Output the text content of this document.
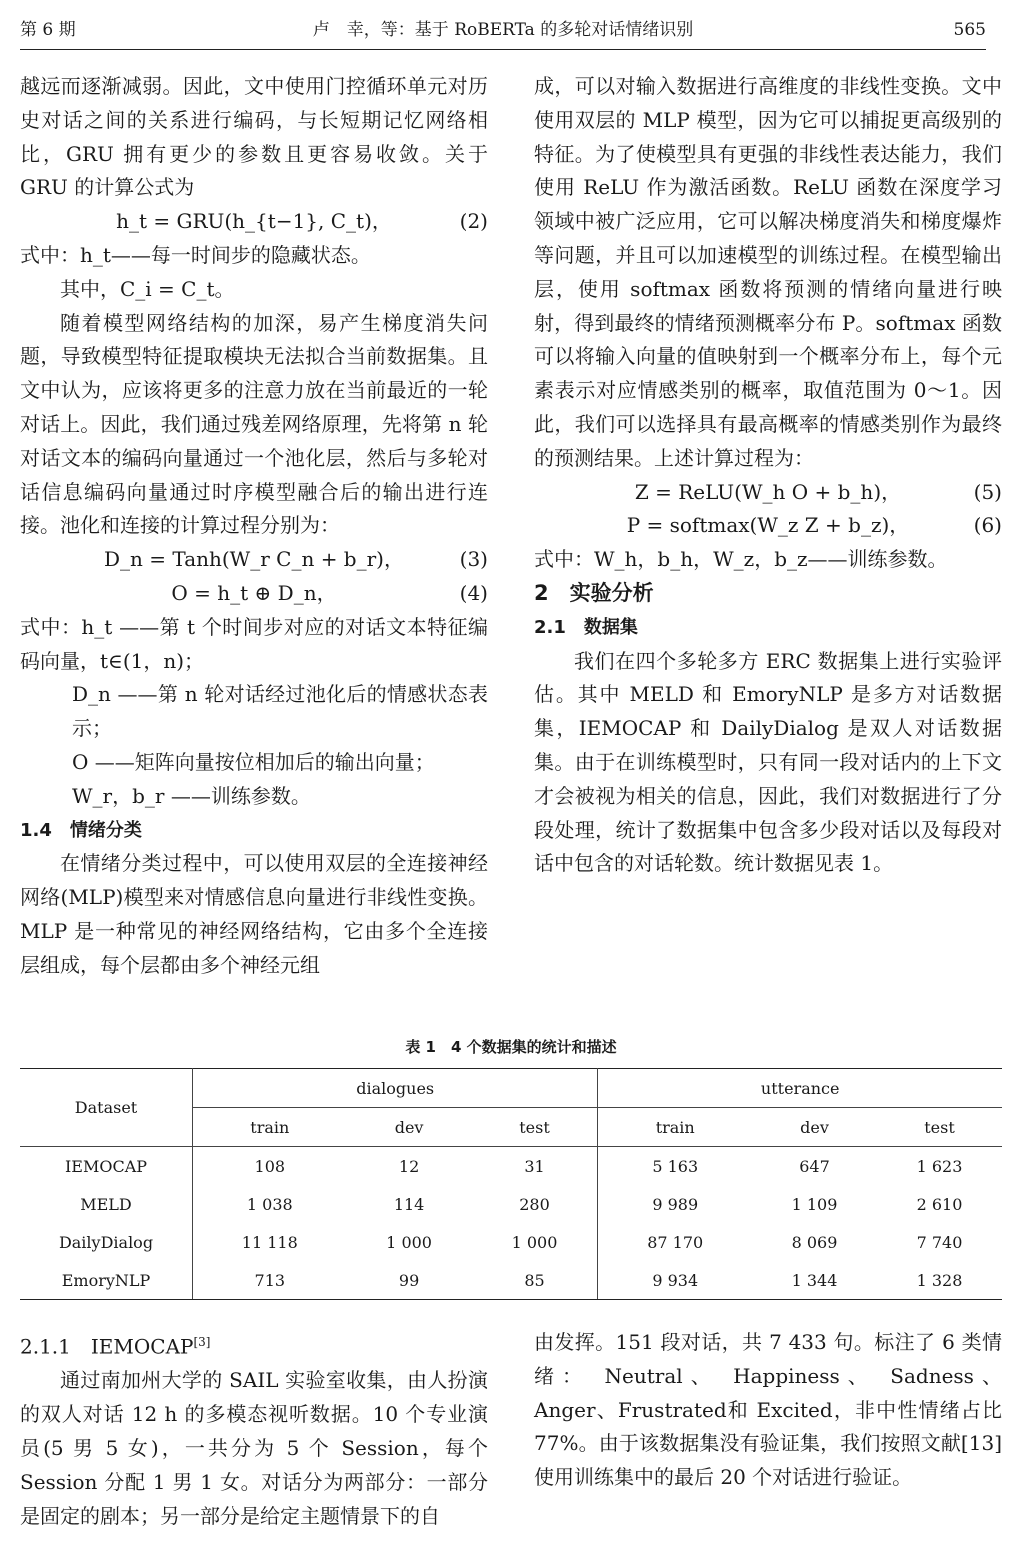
第 6 期	卢　幸，等：基于 RoBERTa 的多轮对话情绪识别	565

越远而逐渐减弱。因此，文中使用门控循环单元对历史对话之间的关系进行编码，与长短期记忆网络相比，GRU 拥有更少的参数且更容易收敛。关于 GRU 的计算公式为

h_t = GRU(h_{t−1}, C_t)，	(2)

式中：h_t——每一时间步的隐藏状态。

其中，C_i = C_t。

随着模型网络结构的加深，易产生梯度消失问题，导致模型特征提取模块无法拟合当前数据集。且文中认为，应该将更多的注意力放在当前最近的一轮对话上。因此，我们通过残差网络原理，先将第 n 轮对话文本的编码向量通过一个池化层，然后与多轮对话信息编码向量通过时序模型融合后的输出进行连接。池化和连接的计算过程分别为：

D_n = Tanh(W_r C_n + b_r)，	(3)
O = h_t ⊕ D_n，	(4)

式中：h_t ——第 t 个时间步对应的对话文本特征编码向量，t∈(1，n)；

D_n ——第 n 轮对话经过池化后的情感状态表示；

O ——矩阵向量按位相加后的输出向量；

W_r，b_r ——训练参数。

1.4　情绪分类

在情绪分类过程中，可以使用双层的全连接神经网络(MLP)模型来对情感信息向量进行非线性变换。MLP 是一种常见的神经网络结构，它由多个全连接层组成，每个层都由多个神经元组

成，可以对输入数据进行高维度的非线性变换。文中使用双层的 MLP 模型，因为它可以捕捉更高级别的特征。为了使模型具有更强的非线性表达能力，我们使用 ReLU 作为激活函数。ReLU 函数在深度学习领域中被广泛应用，它可以解决梯度消失和梯度爆炸等问题，并且可以加速模型的训练过程。在模型输出层，使用 softmax 函数将预测的情绪向量进行映射，得到最终的情绪预测概率分布 P。softmax 函数可以将输入向量的值映射到一个概率分布上，每个元素表示对应情感类别的概率，取值范围为 0～1。因此，我们可以选择具有最高概率的情感类别作为最终的预测结果。上述计算过程为：

Z = ReLU(W_h O + b_h)，	(5)
P = softmax(W_z Z + b_z)，	(6)

式中：W_h，b_h，W_z，b_z——训练参数。

2　实验分析

2.1　数据集

我们在四个多轮多方 ERC 数据集上进行实验评估。其中 MELD 和 EmoryNLP 是多方对话数据集，IEMOCAP 和 DailyDialog 是双人对话数据集。由于在训练模型时，只有同一段对话内的上下文才会被视为相关的信息，因此，我们对数据进行了分段处理，统计了数据集中包含多少段对话以及每段对话中包含的对话轮数。统计数据见表 1。

表 1　4 个数据集的统计和描述
Dataset	dialogues			utterance		
	train	dev	test	train	dev	test
IEMOCAP	108	12	31	5 163	647	1 623
MELD	1 038	114	280	9 989	1 109	2 610
DailyDialog	11 118	1 000	1 000	87 170	8 069	7 740
EmoryNLP	713	99	85	9 934	1 344	1 328

2.1.1　IEMOCAP[3]

通过南加州大学的 SAIL 实验室收集，由人扮演的双人对话 12 h 的多模态视听数据。10 个专业演员(5 男 5 女)，一共分为 5 个 Session，每个 Session 分配 1 男 1 女。对话分为两部分：一部分是固定的剧本；另一部分是给定主题情景下的自

由发挥。151 段对话，共 7 433 句。标注了 6 类情绪： Neutral、 Happiness、 Sadness、 Anger、Frustrated和 Excited，非中性情绪占比 77%。由于该数据集没有验证集，我们按照文献[13]使用训练集中的最后 20 个对话进行验证。
